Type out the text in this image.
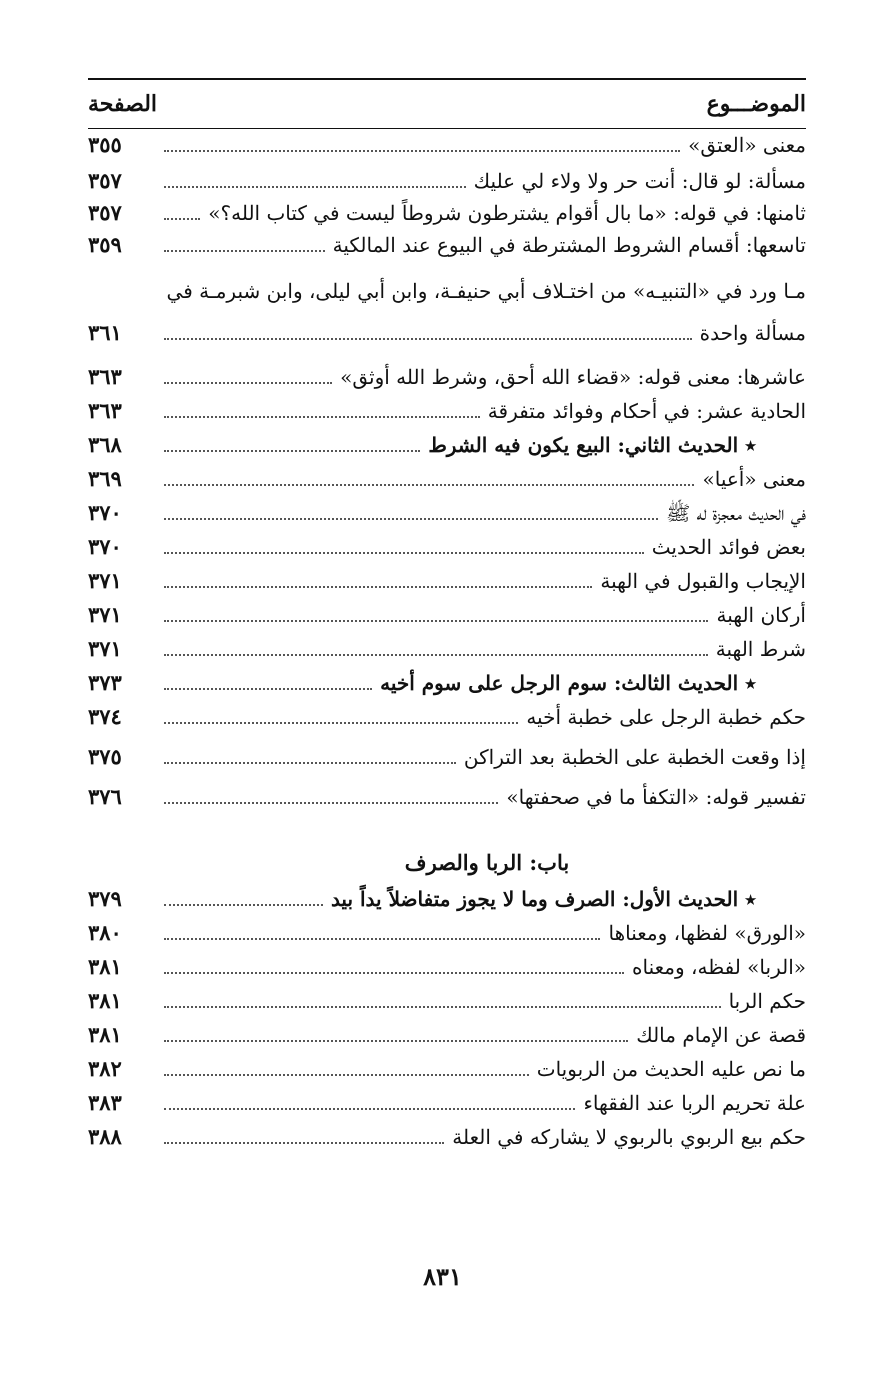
الموضـــوع
الصفحة
معنى «العتق»
٣٥٥
مسألة: لو قال: أنت حر ولا ولاء لي عليك
٣٥٧
ثامنها: في قوله: «ما بال أقوام يشترطون شروطاً ليست في كتاب الله؟»
٣٥٧
تاسعها: أقسام الشروط المشترطة في البيوع عند المالكية
٣٥٩
مـا ورد في «التنبيـه» من اختـلاف أبي حنيفـة، وابن أبي ليلى، وابن شبرمـة في
مسألة واحدة
٣٦١
عاشرها: معنى قوله: «قضاء الله أحق، وشرط الله أوثق»
٣٦٣
الحادية عشر: في أحكام وفوائد متفرقة
٣٦٣
٭ الحديث الثاني: البيع يكون فيه الشرط
٣٦٨
معنى «أعيا»
٣٦٩
في الحديث معجزة له ﷺ
٣٧٠
بعض فوائد الحديث
٣٧٠
الإيجاب والقبول في الهبة
٣٧١
أركان الهبة
٣٧١
شرط الهبة
٣٧١
٭ الحديث الثالث: سوم الرجل على سوم أخيه
٣٧٣
حكم خطبة الرجل على خطبة أخيه
٣٧٤
إذا وقعت الخطبة على الخطبة بعد التراكن
٣٧٥
تفسير قوله: «التكفأ ما في صحفتها»
٣٧٦
باب: الربا والصرف
٭ الحديث الأول: الصرف وما لا يجوز متفاضلاً يداً بيد
٣٧٩
«الورق» لفظها، ومعناها
٣٨٠
«الربا» لفظه، ومعناه
٣٨١
حكم الربا
٣٨١
قصة عن الإمام مالك
٣٨١
ما نص عليه الحديث من الربويات
٣٨٢
علة تحريم الربا عند الفقهاء
٣٨٣
حكم بيع الربوي بالربوي لا يشاركه في العلة
٣٨٨
٨٣١
